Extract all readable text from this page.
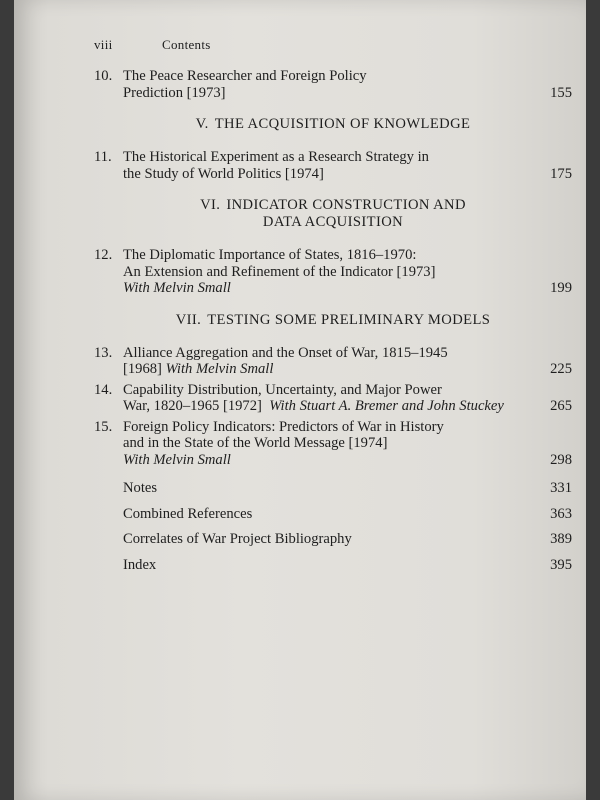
viii	Contents
10. The Peace Researcher and Foreign Policy
Prediction [1973]	155
V. THE ACQUISITION OF KNOWLEDGE
11. The Historical Experiment as a Research Strategy in
the Study of World Politics [1974]	175
VI. INDICATOR CONSTRUCTION AND
DATA ACQUISITION
12. The Diplomatic Importance of States, 1816–1970:
An Extension and Refinement of the Indicator [1973]
With Melvin Small	199
VII. TESTING SOME PRELIMINARY MODELS
13. Alliance Aggregation and the Onset of War, 1815–1945
[1968] With Melvin Small	225
14. Capability Distribution, Uncertainty, and Major Power
War, 1820–1965 [1972] With Stuart A. Bremer and John Stuckey	265
15. Foreign Policy Indicators: Predictors of War in History
and in the State of the World Message [1974]
With Melvin Small	298
Notes	331
Combined References	363
Correlates of War Project Bibliography	389
Index	395
